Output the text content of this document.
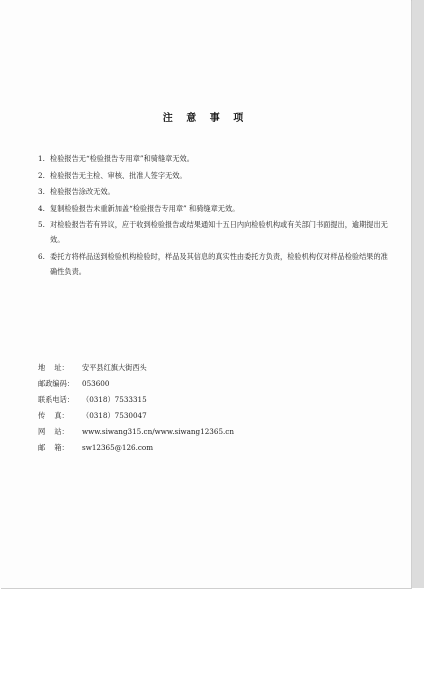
注 意 事 项
1. 检验报告无“检验报告专用章”和骑缝章无效。
2. 检验报告无主检、审核、批准人签字无效。
3. 检验报告涂改无效。
4. 复制检验报告未重新加盖“检验报告专用章” 和骑缝章无效。
5. 对检验报告若有异议，应于收到检验报告或结果通知十五日内向检验机构或有关部门书面提出，逾期提出无效。
6. 委托方将样品送到检验机构检验时，样品及其信息的真实性由委托方负责，检验机构仅对样品检验结果的准确性负责。
地    址：	安平县红旗大街西头
邮政编码：	053600
联系电话：	（0318）7533315
传    真：	（0318）7530047
网    站：	www.siwang315.cn/www.siwang12365.cn
邮    箱：	sw12365@126.com
